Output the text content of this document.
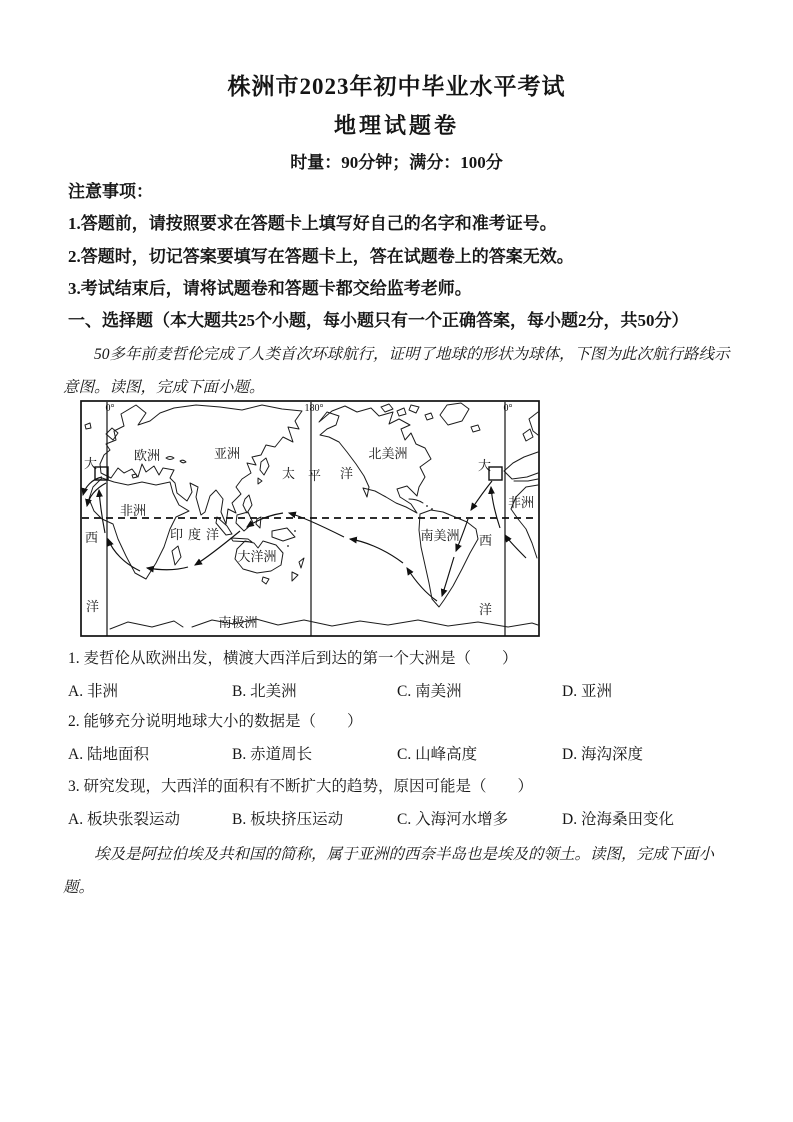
株洲市2023年初中毕业水平考试
地理试题卷
时量：90分钟；满分：100分
注意事项：
1.答题前，请按照要求在答题卡上填写好自己的名字和准考证号。
2.答题时，切记答案要填写在答题卡上，答在试题卷上的答案无效。
3.考试结束后，请将试题卷和答题卡都交给监考老师。
一、选择题（本大题共25个小题，每小题只有一个正确答案，每小题2分，共50分）
50多年前麦哲伦完成了人类首次环球航行，证明了地球的形状为球体，下图为此次航行路线示意图。读图，完成下面小题。
0°	180°	0°
欧洲	亚洲	北美洲
非洲
非洲
南美洲
大洋洲
南极洲
印度洋
太 平 洋
大
西
洋
大
西
洋
1. 麦哲伦从欧洲出发，横渡大西洋后到达的第一个大洲是（　　）
A. 非洲	B. 北美洲	C. 南美洲	D. 亚洲
2. 能够充分说明地球大小的数据是（　　）
A. 陆地面积	B. 赤道周长	C. 山峰高度	D. 海沟深度
3. 研究发现，大西洋的面积有不断扩大的趋势，原因可能是（　　）
A. 板块张裂运动	B. 板块挤压运动	C. 入海河水增多	D. 沧海桑田变化
埃及是阿拉伯埃及共和国的简称，属于亚洲的西奈半岛也是埃及的领土。读图，完成下面小题。
